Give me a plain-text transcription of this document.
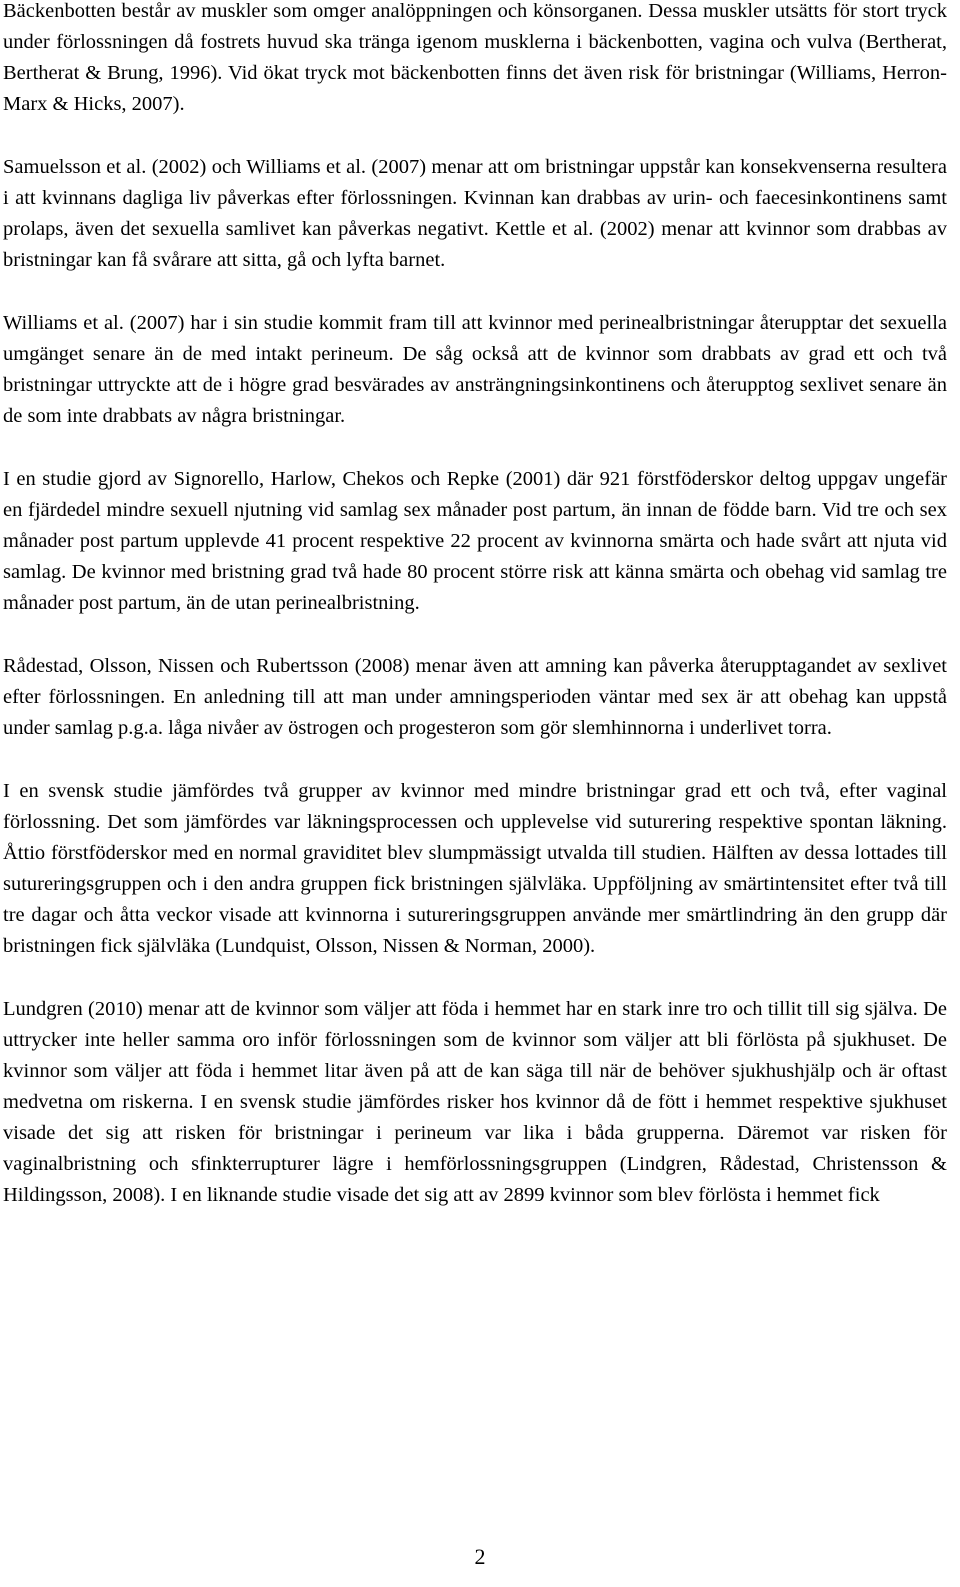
Bäckenbotten består av muskler som omger analöppningen och könsorganen. Dessa muskler utsätts för stort tryck under förlossningen då fostrets huvud ska tränga igenom musklerna i bäckenbotten, vagina och vulva (Bertherat, Bertherat & Brung, 1996). Vid ökat tryck mot bäckenbotten finns det även risk för bristningar (Williams, Herron-Marx & Hicks, 2007).

Samuelsson et al. (2002) och Williams et al. (2007) menar att om bristningar uppstår kan konsekvenserna resultera i att kvinnans dagliga liv påverkas efter förlossningen. Kvinnan kan drabbas av urin- och faecesinkontinens samt prolaps, även det sexuella samlivet kan påverkas negativt. Kettle et al. (2002) menar att kvinnor som drabbas av bristningar kan få svårare att sitta, gå och lyfta barnet.

Williams et al. (2007) har i sin studie kommit fram till att kvinnor med perinealbristningar återupptar det sexuella umgänget senare än de med intakt perineum. De såg också att de kvinnor som drabbats av grad ett och två bristningar uttryckte att de i högre grad besvärades av ansträngningsinkontinens och återupptog sexlivet senare än de som inte drabbats av några bristningar.

I en studie gjord av Signorello, Harlow, Chekos och Repke (2001) där 921 förstföderskor deltog uppgav ungefär en fjärdedel mindre sexuell njutning vid samlag sex månader post partum, än innan de födde barn. Vid tre och sex månader post partum upplevde 41 procent respektive 22 procent av kvinnorna smärta och hade svårt att njuta vid samlag. De kvinnor med bristning grad två hade 80 procent större risk att känna smärta och obehag vid samlag tre månader post partum, än de utan perinealbristning.

Rådestad, Olsson, Nissen och Rubertsson (2008) menar även att amning kan påverka återupptagandet av sexlivet efter förlossningen. En anledning till att man under amningsperioden väntar med sex är att obehag kan uppstå under samlag p.g.a. låga nivåer av östrogen och progesteron som gör slemhinnorna i underlivet torra.

I en svensk studie jämfördes två grupper av kvinnor med mindre bristningar grad ett och två, efter vaginal förlossning. Det som jämfördes var läkningsprocessen och upplevelse vid suturering respektive spontan läkning. Åttio förstföderskor med en normal graviditet blev slumpmässigt utvalda till studien. Hälften av dessa lottades till sutureringsgruppen och i den andra gruppen fick bristningen självläka. Uppföljning av smärtintensitet efter två till tre dagar och åtta veckor visade att kvinnorna i sutureringsgruppen använde mer smärtlindring än den grupp där bristningen fick självläka (Lundquist, Olsson, Nissen & Norman, 2000).

Lundgren (2010) menar att de kvinnor som väljer att föda i hemmet har en stark inre tro och tillit till sig själva. De uttrycker inte heller samma oro inför förlossningen som de kvinnor som väljer att bli förlösta på sjukhuset. De kvinnor som väljer att föda i hemmet litar även på att de kan säga till när de behöver sjukhushjälp och är oftast medvetna om riskerna. I en svensk studie jämfördes risker hos kvinnor då de fött i hemmet respektive sjukhuset visade det sig att risken för bristningar i perineum var lika i båda grupperna. Däremot var risken för vaginalbristning och sfinkterrupturer lägre i hemförlossningsgruppen (Lindgren, Rådestad, Christensson & Hildingsson, 2008). I en liknande studie visade det sig att av 2899 kvinnor som blev förlösta i hemmet fick

2
